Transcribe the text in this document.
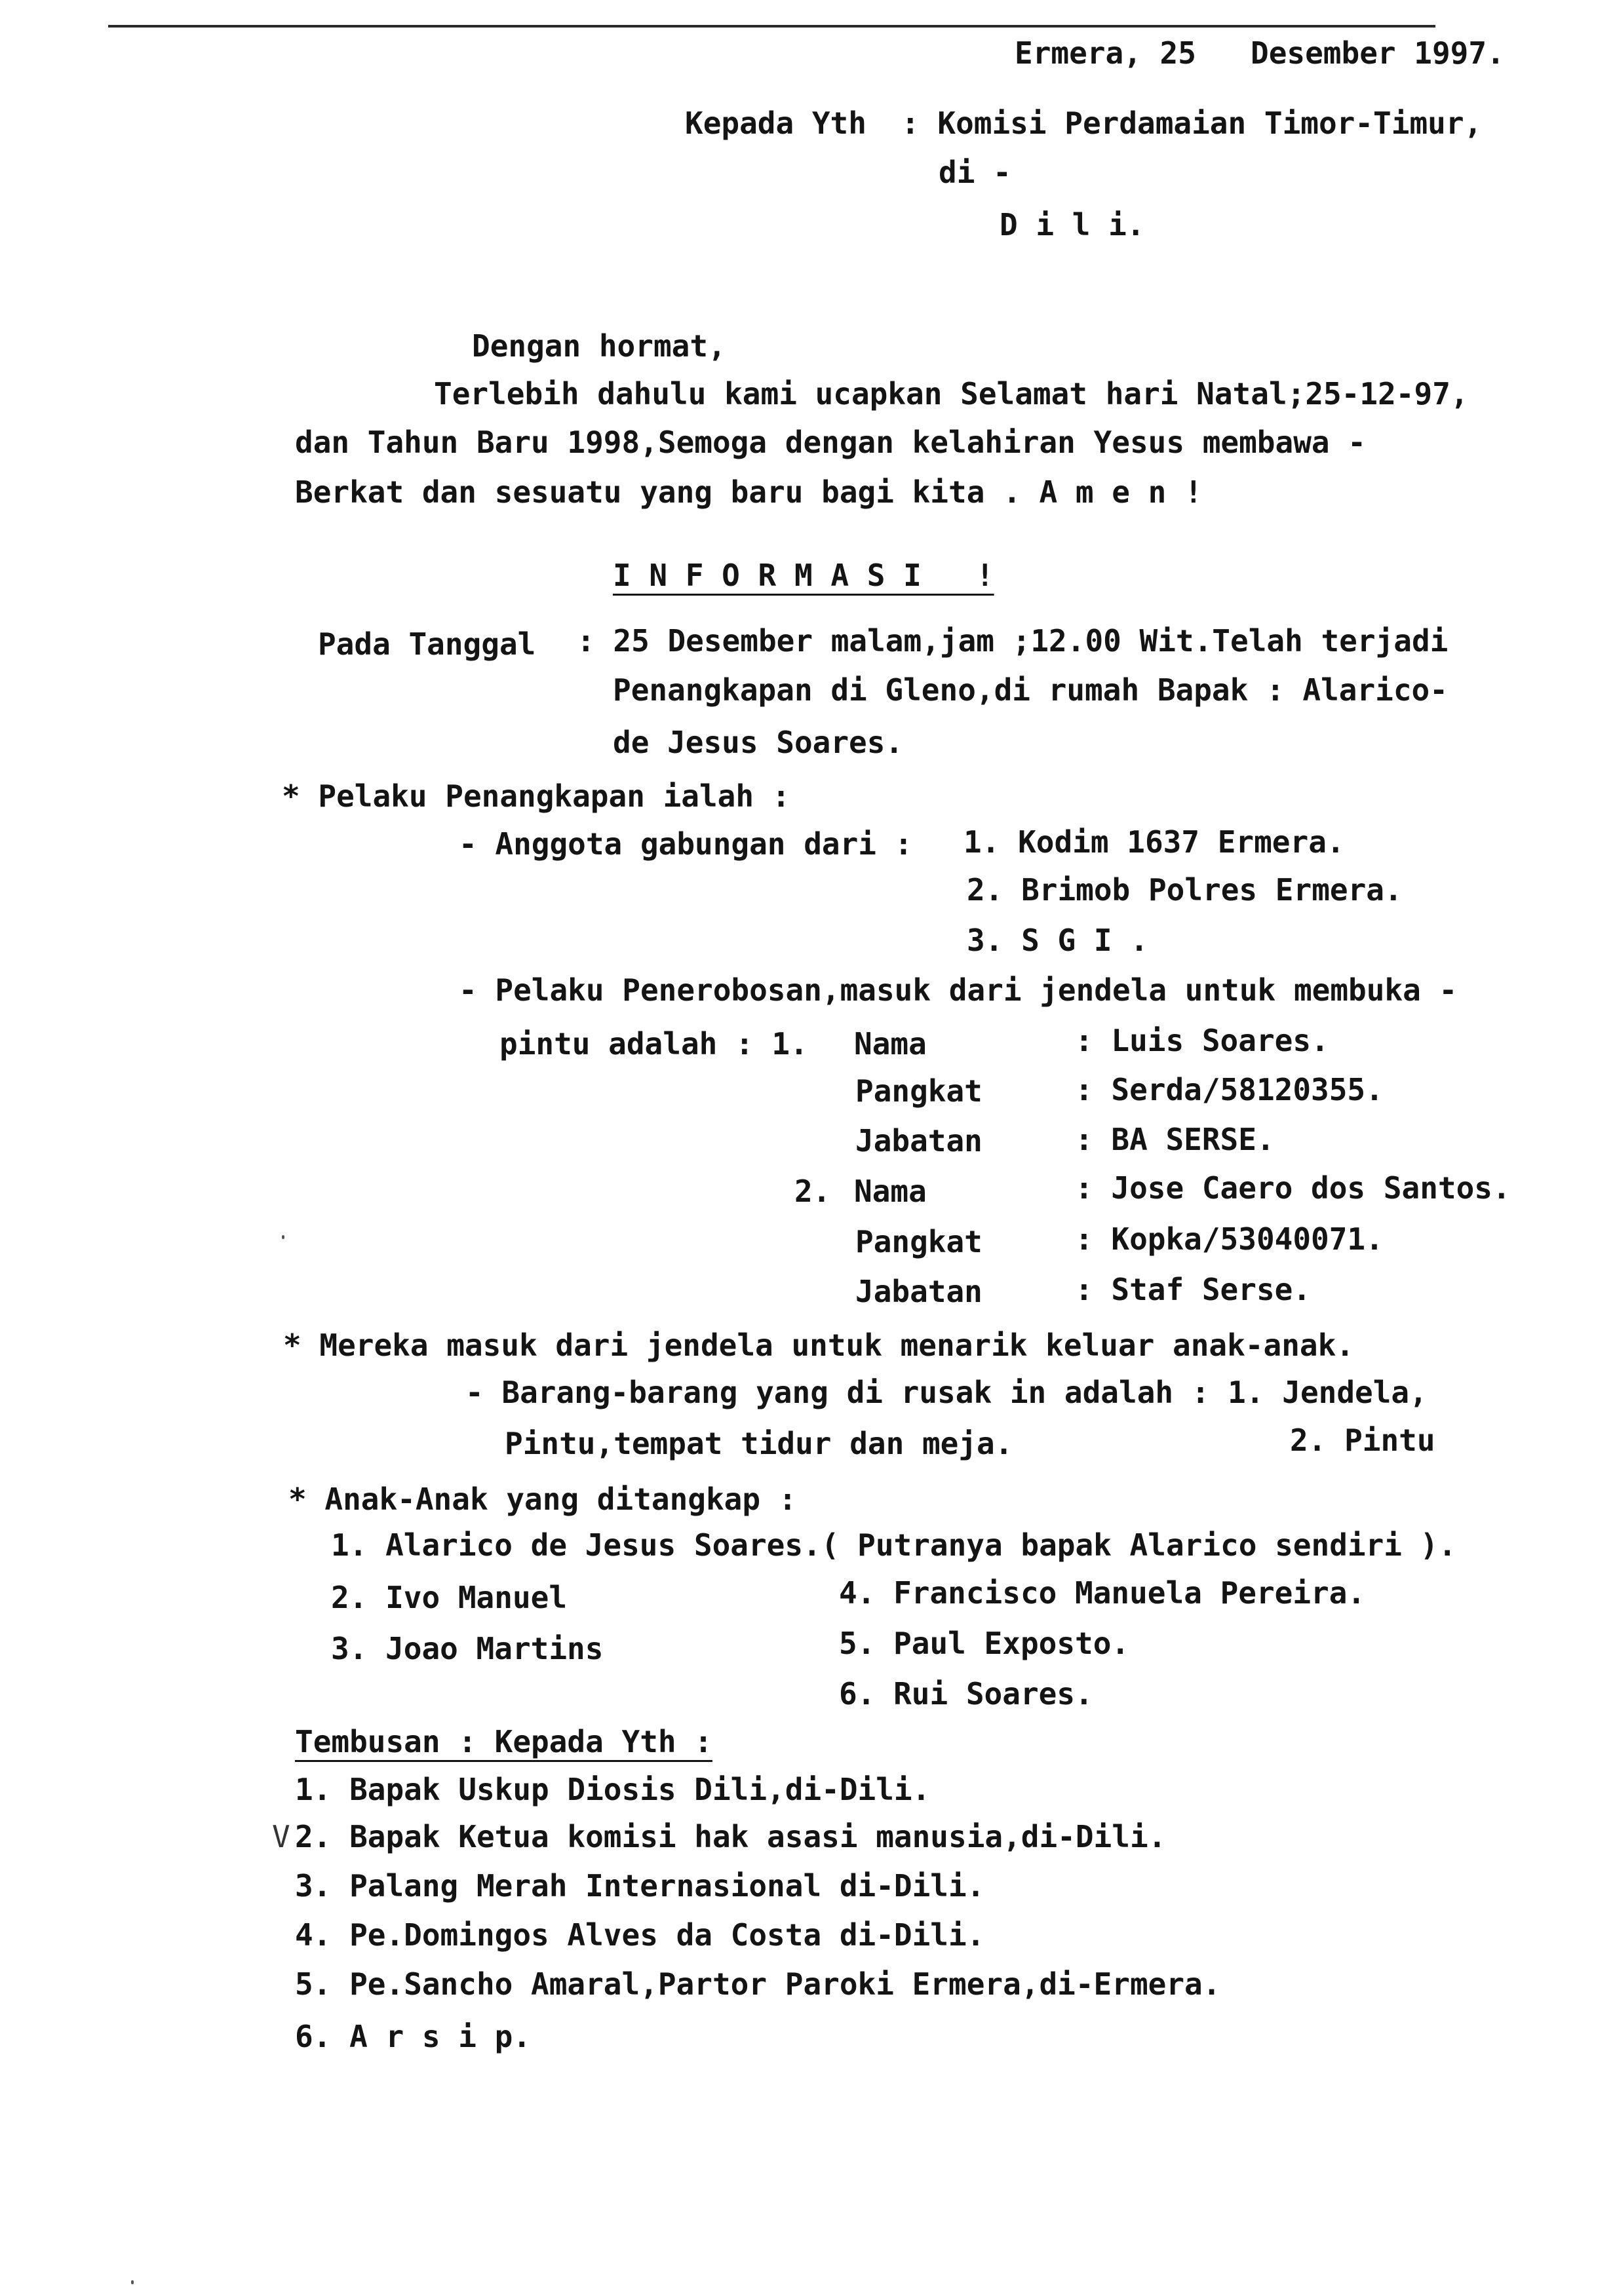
Ermera, 25   Desember 1997.
Kepada Yth : Komisi Perdamaian Timor-Timur,
di -
D i l i.
Dengan hormat,
Terlebih dahulu kami ucapkan Selamat hari Natal;25-12-97,
dan Tahun Baru 1998,Semoga dengan kelahiran Yesus membawa -
Berkat dan sesuatu yang baru bagi kita . A m e n !
I N F O R M A S I   !
Pada Tanggal : 25 Desember malam,jam ;12.00 Wit.Telah terjadi
Penangkapan di Gleno,di rumah Bapak : Alarico-
de Jesus Soares.
* Pelaku Penangkapan ialah :
- Anggota gabungan dari : 1. Kodim 1637 Ermera.
2. Brimob Polres Ermera.
3. S G I .
- Pelaku Penerobosan,masuk dari jendela untuk membuka -
pintu adalah : 1. Nama	: Luis Soares.
Pangkat	: Serda/58120355.
Jabatan	: BA SERSE.
2. Nama	: Jose Caero dos Santos.
Pangkat	: Kopka/53040071.
Jabatan	: Staf Serse.
* Mereka masuk dari jendela untuk menarik keluar anak-anak.
- Barang-barang yang di rusak in adalah : 1. Jendela,
Pintu,tempat tidur dan meja.	2. Pintu
* Anak-Anak yang ditangkap :
1. Alarico de Jesus Soares.( Putranya bapak Alarico sendiri ).
2. Ivo Manuel
3. Joao Martins
4. Francisco Manuela Pereira.
5. Paul Exposto.
6. Rui Soares.
Tembusan : Kepada Yth :
1. Bapak Uskup Diosis Dili,di-Dili.
V 2. Bapak Ketua komisi hak asasi manusia,di-Dili.
3. Palang Merah Internasional di-Dili.
4. Pe.Domingos Alves da Costa di-Dili.
5. Pe.Sancho Amaral,Partor Paroki Ermera,di-Ermera.
6. A r s i p.
